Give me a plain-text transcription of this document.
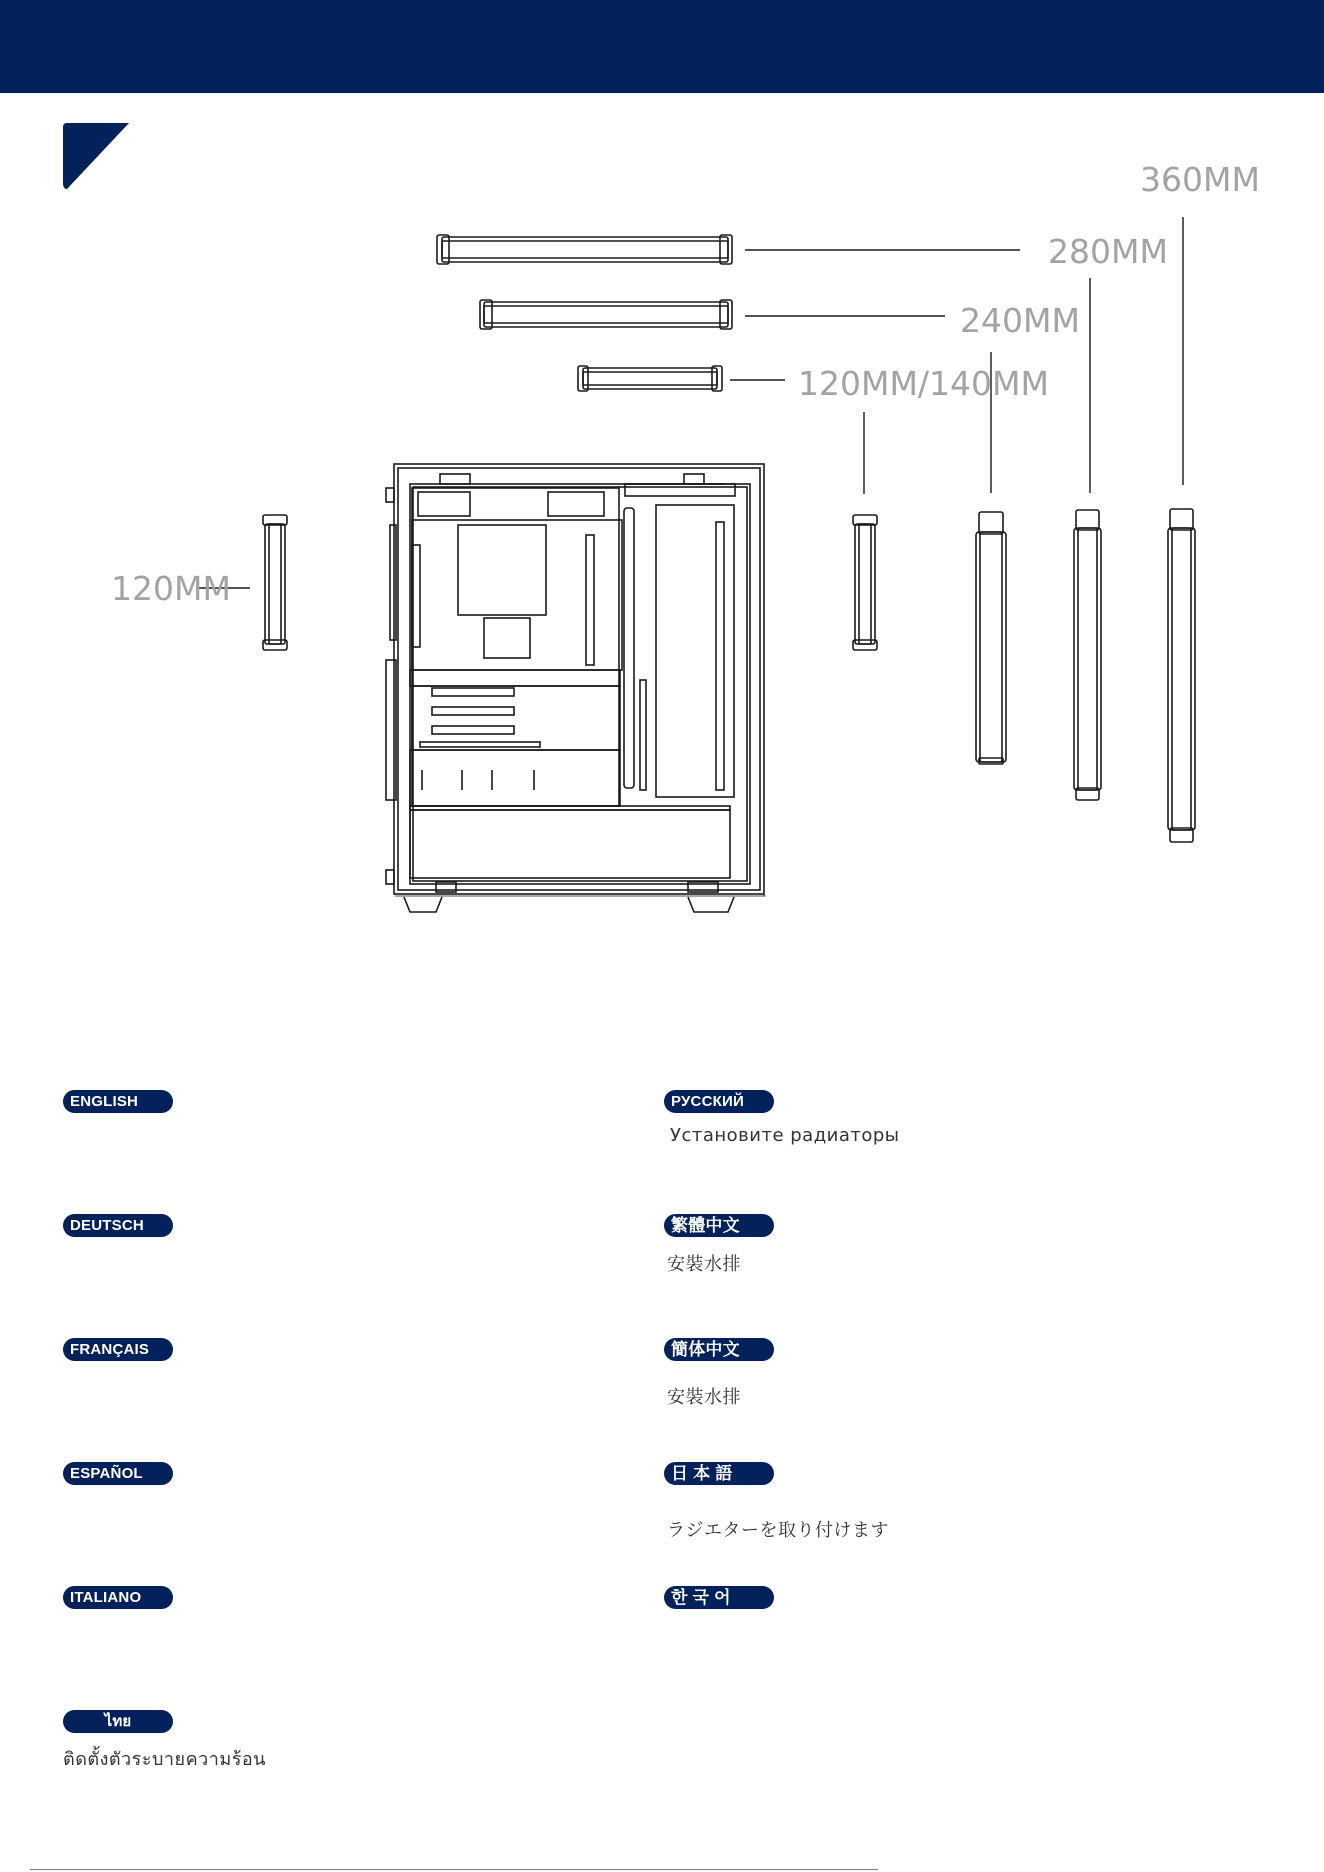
360MM
280MM
240MM
120MM/140MM
120MM
ENGLISH
DEUTSCH
FRANÇAIS
ESPAÑOL
ITALIANO
ไทย
ติดตั้งตัวระบายความร้อน
РУССКИЙ
Установите радиаторы
繁體中文
安裝水排
簡体中文
安裝水排
日 本 語
ラジエターを取り付けます
한 국 어
